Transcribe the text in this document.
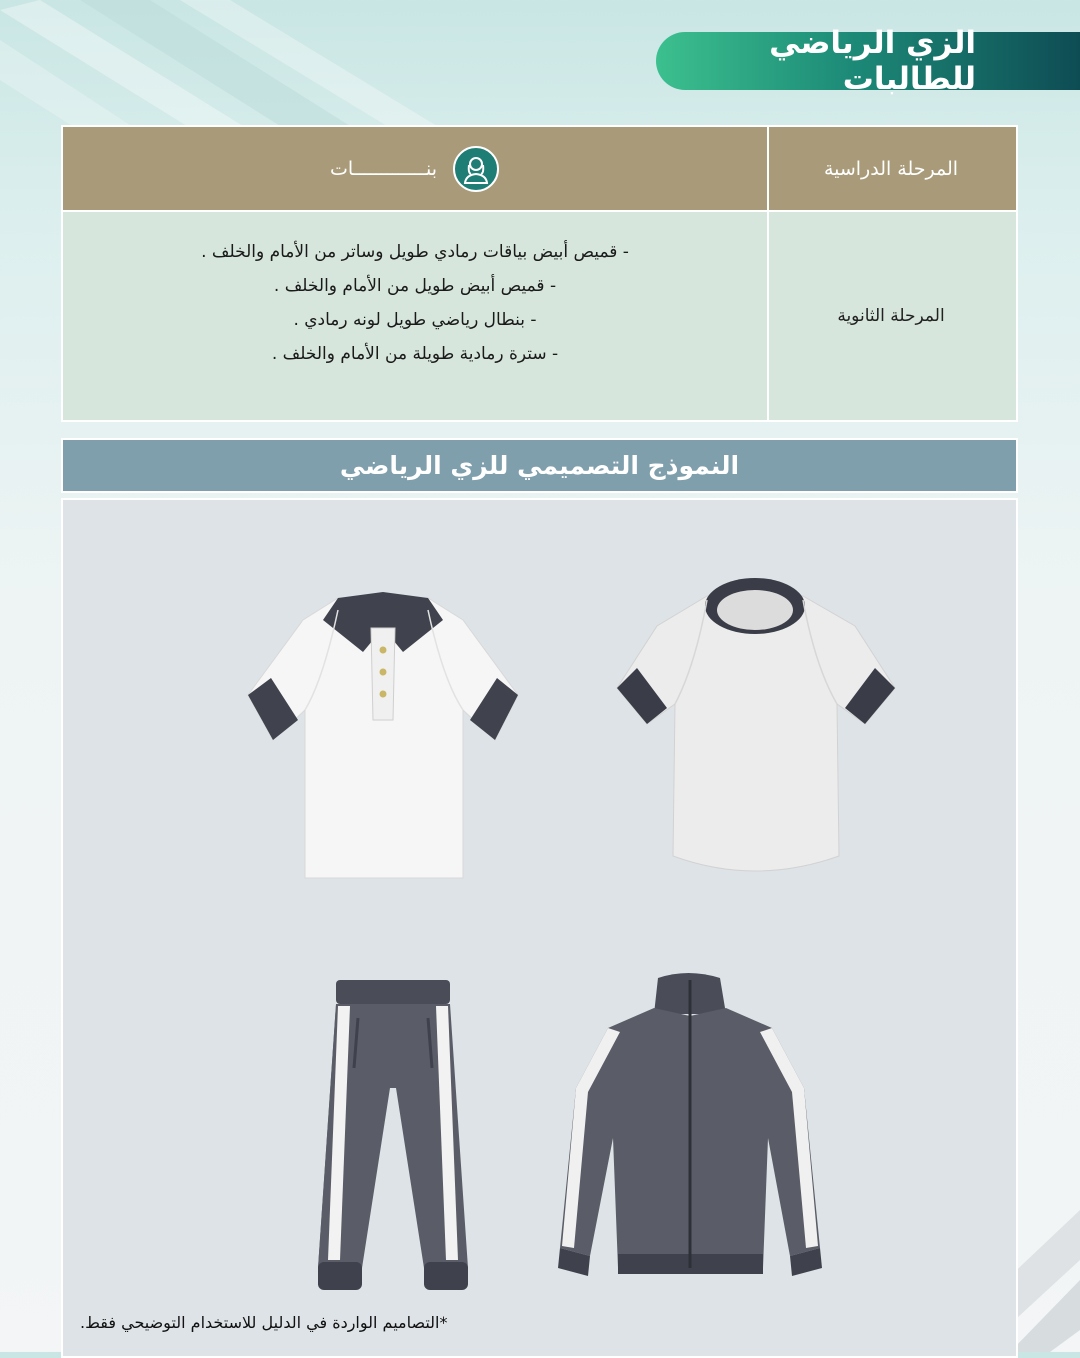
الزي الرياضي للطالبات
المرحلة الدراسية
بنـــــــــــــات
المرحلة الثانوية
- قميص أبيض بياقات رمادي طويل وساتر من الأمام والخلف .
- قميص أبيض طويل من الأمام والخلف .
- بنطال رياضي طويل لونه رمادي .
- سترة رمادية طويلة من الأمام والخلف .
النموذج التصميمي للزي الرياضي
*التصاميم الواردة في الدليل للاستخدام التوضيحي فقط.
